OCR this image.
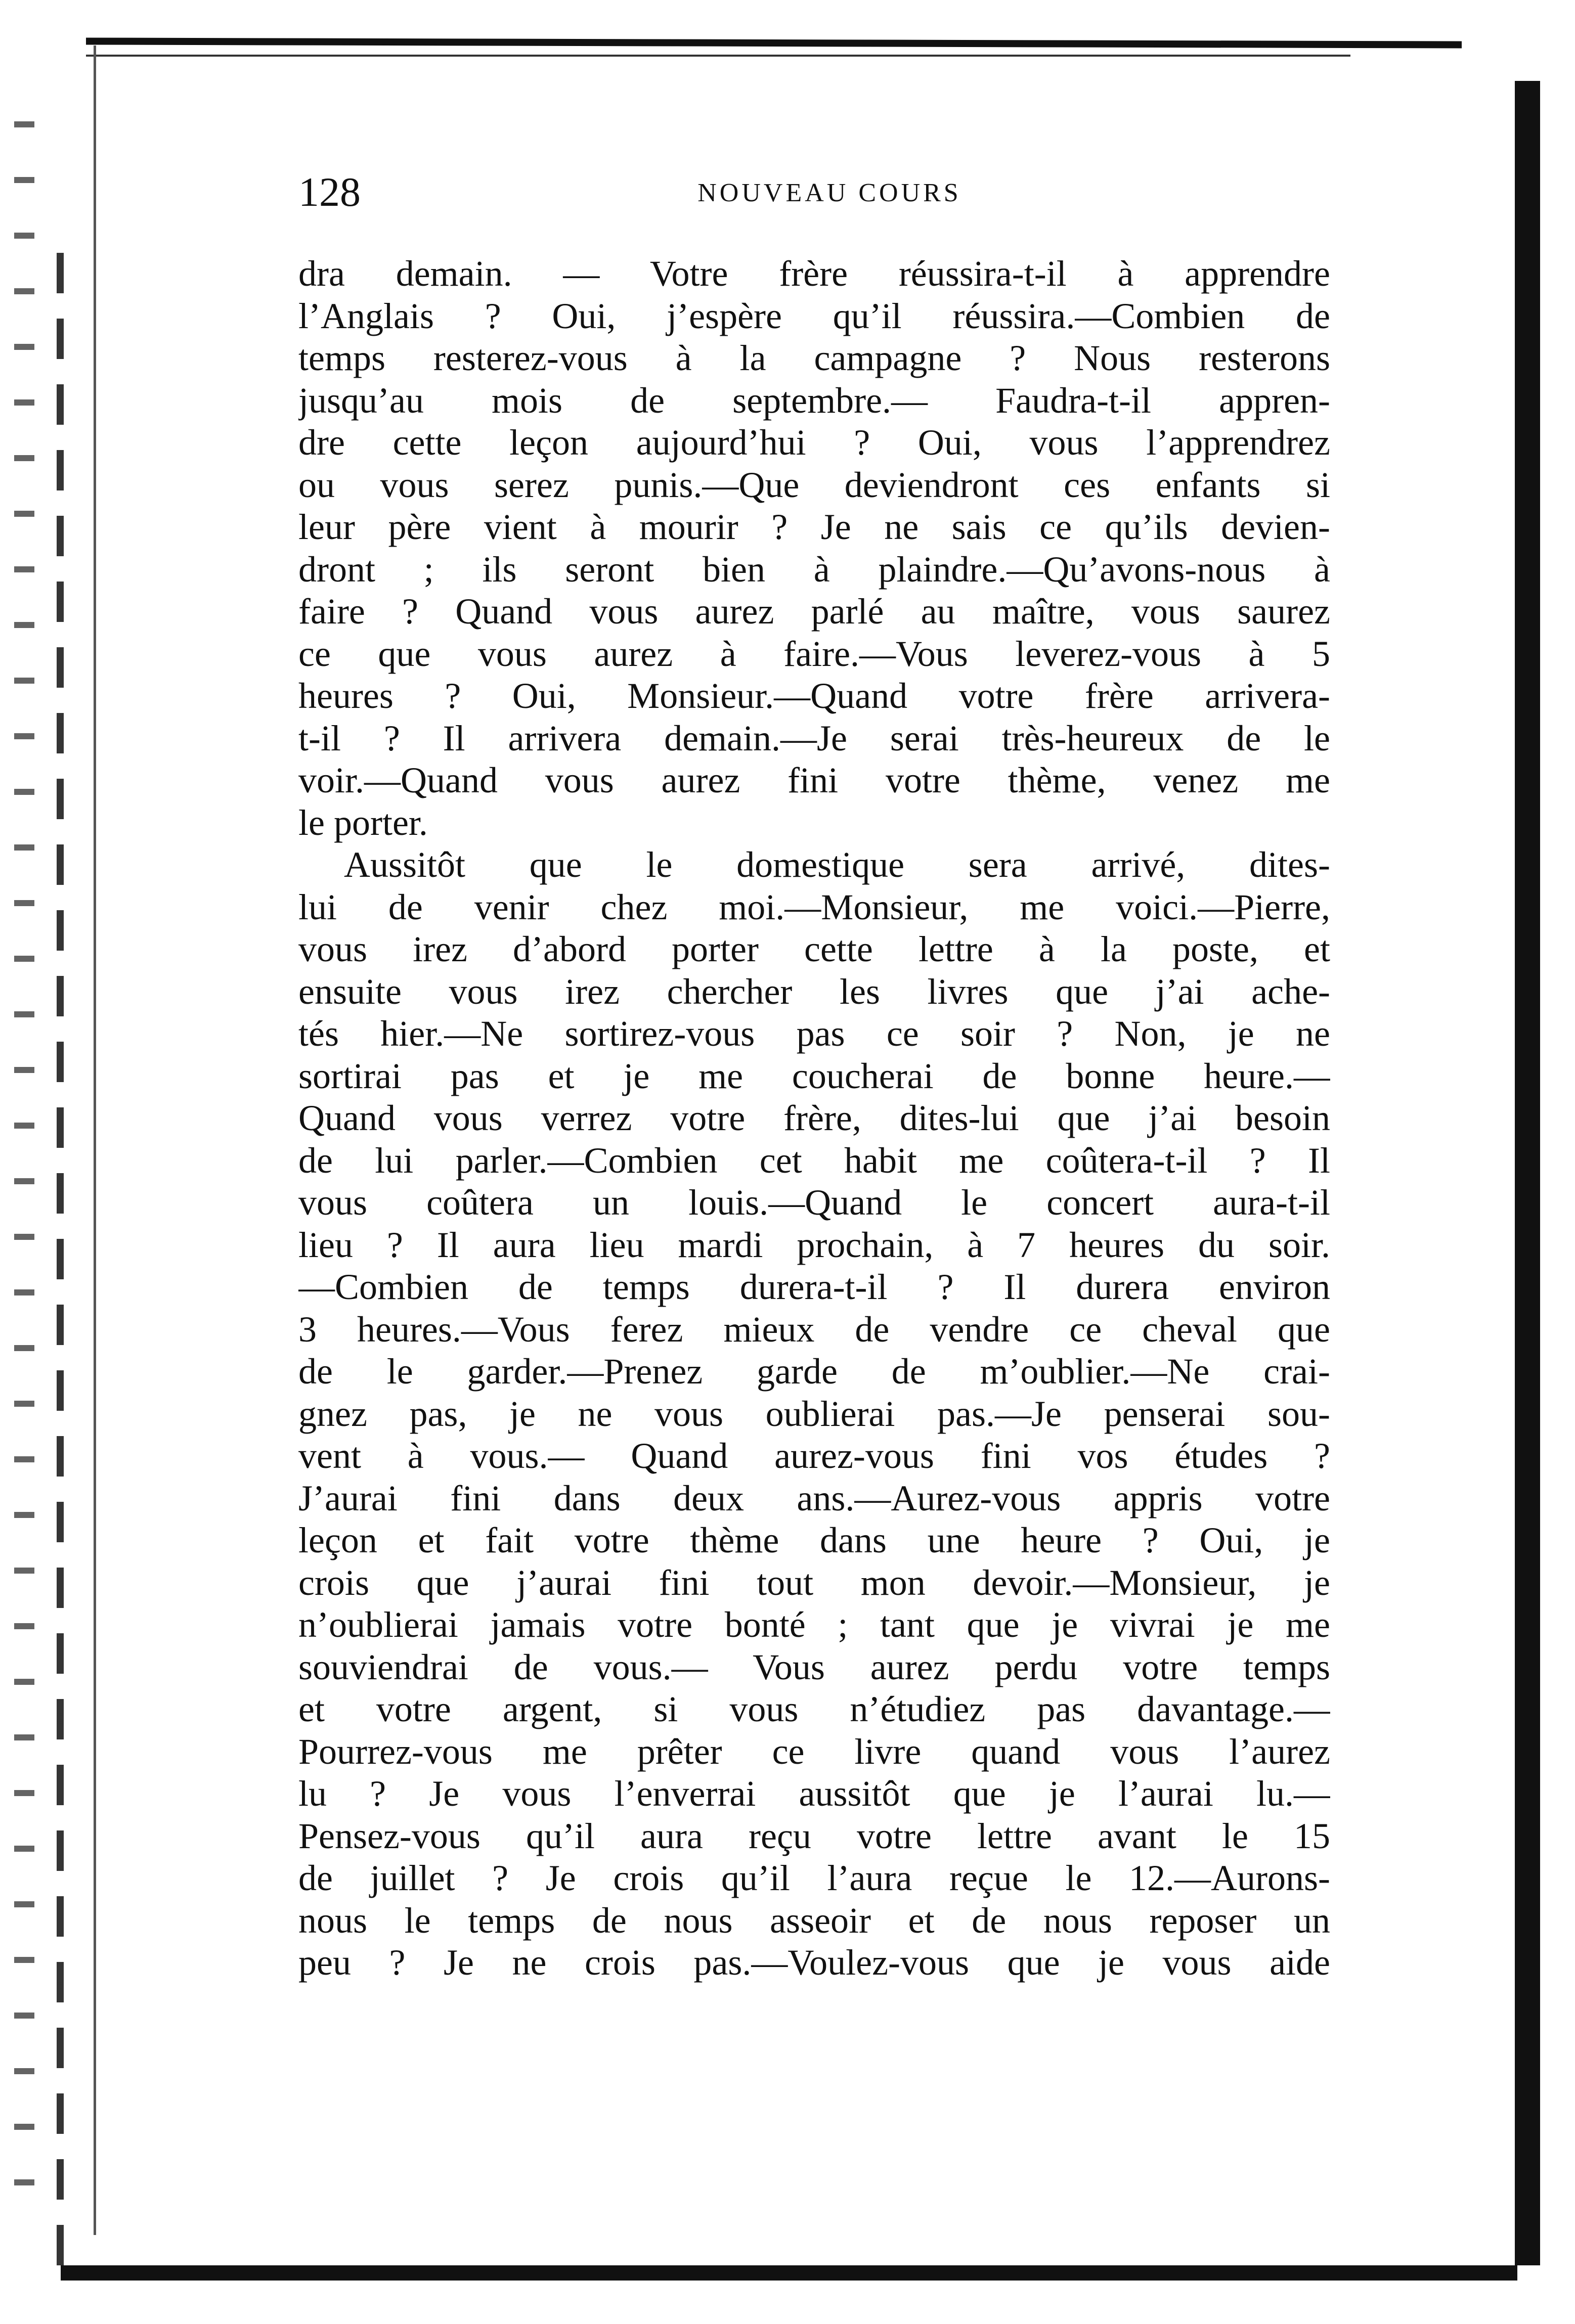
128	NOUVEAU COURS
dra demain. — Votre frère réussira-t-il à apprendre
l’Anglais ? Oui, j’espère qu’il réussira.—Combien de
temps resterez-vous à la campagne ? Nous resterons
jusqu’au mois de septembre.— Faudra-t-il appren-
dre cette leçon aujourd’hui ? Oui, vous l’apprendrez
ou vous serez punis.—Que deviendront ces enfants si
leur père vient à mourir ? Je ne sais ce qu’ils devien-
dront ; ils seront bien à plaindre.—Qu’avons-nous à
faire ? Quand vous aurez parlé au maître, vous saurez
ce que vous aurez à faire.—Vous leverez-vous à 5
heures ? Oui, Monsieur.—Quand votre frère arrivera-
t-il ? Il arrivera demain.—Je serai très-heureux de le
voir.—Quand vous aurez fini votre thème, venez me
le porter.
Aussitôt que le domestique sera arrivé, dites-
lui de venir chez moi.—Monsieur, me voici.—Pierre,
vous irez d’abord porter cette lettre à la poste, et
ensuite vous irez chercher les livres que j’ai ache-
tés hier.—Ne sortirez-vous pas ce soir ? Non, je ne
sortirai pas et je me coucherai de bonne heure.—
Quand vous verrez votre frère, dites-lui que j’ai besoin
de lui parler.—Combien cet habit me coûtera-t-il ? Il
vous coûtera un louis.—Quand le concert aura-t-il
lieu ? Il aura lieu mardi prochain, à 7 heures du soir.
—Combien de temps durera-t-il ? Il durera environ
3 heures.—Vous ferez mieux de vendre ce cheval que
de le garder.—Prenez garde de m’oublier.—Ne crai-
gnez pas, je ne vous oublierai pas.—Je penserai sou-
vent à vous.— Quand aurez-vous fini vos études ?
J’aurai fini dans deux ans.—Aurez-vous appris votre
leçon et fait votre thème dans une heure ? Oui, je
crois que j’aurai fini tout mon devoir.—Monsieur, je
n’oublierai jamais votre bonté ; tant que je vivrai je me
souviendrai de vous.— Vous aurez perdu votre temps
et votre argent, si vous n’étudiez pas davantage.—
Pourrez-vous me prêter ce livre quand vous l’aurez
lu ? Je vous l’enverrai aussitôt que je l’aurai lu.—
Pensez-vous qu’il aura reçu votre lettre avant le 15
de juillet ? Je crois qu’il l’aura reçue le 12.—Aurons-
nous le temps de nous asseoir et de nous reposer un
peu ? Je ne crois pas.—Voulez-vous que je vous aide
